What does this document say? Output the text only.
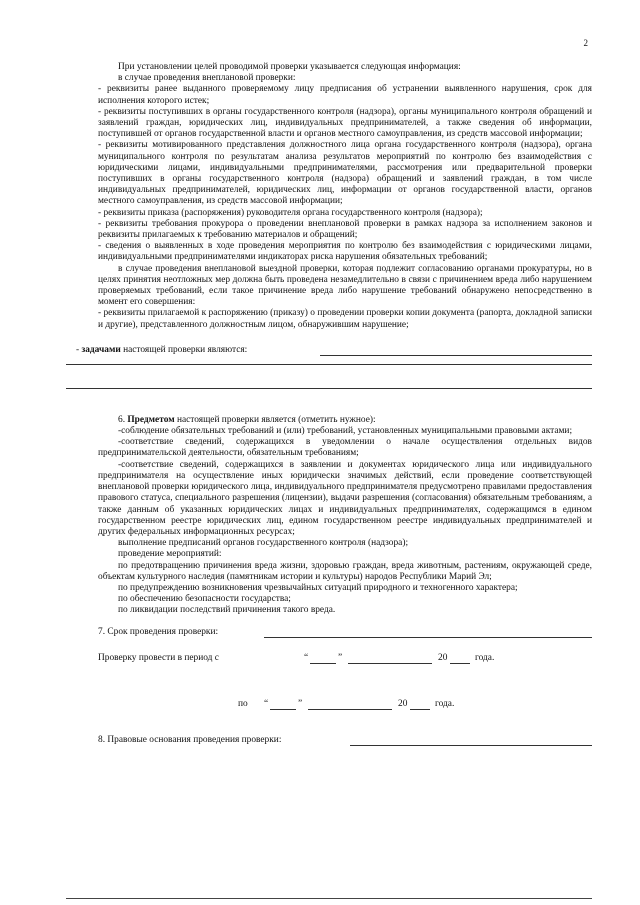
2

При установлении целей проводимой проверки указывается следующая информация:

в случае проведения внеплановой проверки:

- реквизиты ранее выданного проверяемому лицу предписания об устранении выявленного нарушения, срок для исполнения которого истек;

- реквизиты поступивших в органы государственного контроля (надзора), органы муниципального контроля обращений и заявлений граждан, юридических лиц, индивидуальных предпринимателей, а также сведения об информации, поступившей от органов государственной власти и органов местного самоуправления, из средств массовой информации;

- реквизиты мотивированного представления должностного лица органа государственного контроля (надзора), органа муниципального контроля по результатам анализа результатов мероприятий по контролю без взаимодействия с юридическими лицами, индивидуальными предпринимателями, рассмотрения или предварительной проверки поступивших в органы государственного контроля (надзора) обращений и заявлений граждан, в том числе индивидуальных предпринимателей, юридических лиц, информации от органов государственной власти, органов местного самоуправления, из средств массовой информации;

- реквизиты приказа (распоряжения) руководителя органа государственного контроля (надзора);

- реквизиты требования прокурора о проведении внеплановой проверки в рамках надзора за исполнением законов и реквизиты прилагаемых к требованию материалов и обращений;

- сведения о выявленных в ходе проведения мероприятия по контролю без взаимодействия с юридическими лицами, индивидуальными предпринимателями индикаторах риска нарушения обязательных требований;

в случае проведения внеплановой выездной проверки, которая подлежит согласованию органами прокуратуры, но в целях принятия неотложных мер должна быть проведена незамедлительно в связи с причинением вреда либо нарушением проверяемых требований, если такое причинение вреда либо нарушение требований обнаружено непосредственно в момент его совершения:

- реквизиты прилагаемой к распоряжению (приказу) о проведении проверки копии документа (рапорта, докладной записки и другие), представленного должностным лицом, обнаружившим нарушение;

- задачами настоящей проверки являются:

6. Предметом настоящей проверки является (отметить нужное):

-соблюдение обязательных требований и (или) требований, установленных муниципальными правовыми актами;

-соответствие сведений, содержащихся в уведомлении о начале осуществления отдельных видов предпринимательской деятельности, обязательным требованиям;

-соответствие сведений, содержащихся в заявлении и документах юридического лица или индивидуального предпринимателя на осуществление иных юридически значимых действий, если проведение соответствующей внеплановой проверки юридического лица, индивидуального предпринимателя предусмотрено правилами предоставления правового статуса, специального разрешения (лицензии), выдачи разрешения (согласования) обязательным требованиям, а также данным об указанных юридических лицах и индивидуальных предпринимателях, содержащимся в едином государственном реестре юридических лиц, едином государственном реестре индивидуальных предпринимателей и других федеральных информационных ресурсах;

выполнение предписаний органов государственного контроля (надзора);

проведение мероприятий:

по предотвращению причинения вреда жизни, здоровью граждан, вреда животным, растениям, окружающей среде, объектам культурного наследия (памятникам истории и культуры) народов Республики Марий Эл;

по предупреждению возникновения чрезвычайных ситуаций природного и техногенного характера;

по обеспечению безопасности государства;

по ликвидации последствий причинения такого вреда.

7. Срок проведения проверки:
Проверку провести в период с	“	”	20	года.
по “	”	20	года.
8. Правовые основания проведения проверки:
